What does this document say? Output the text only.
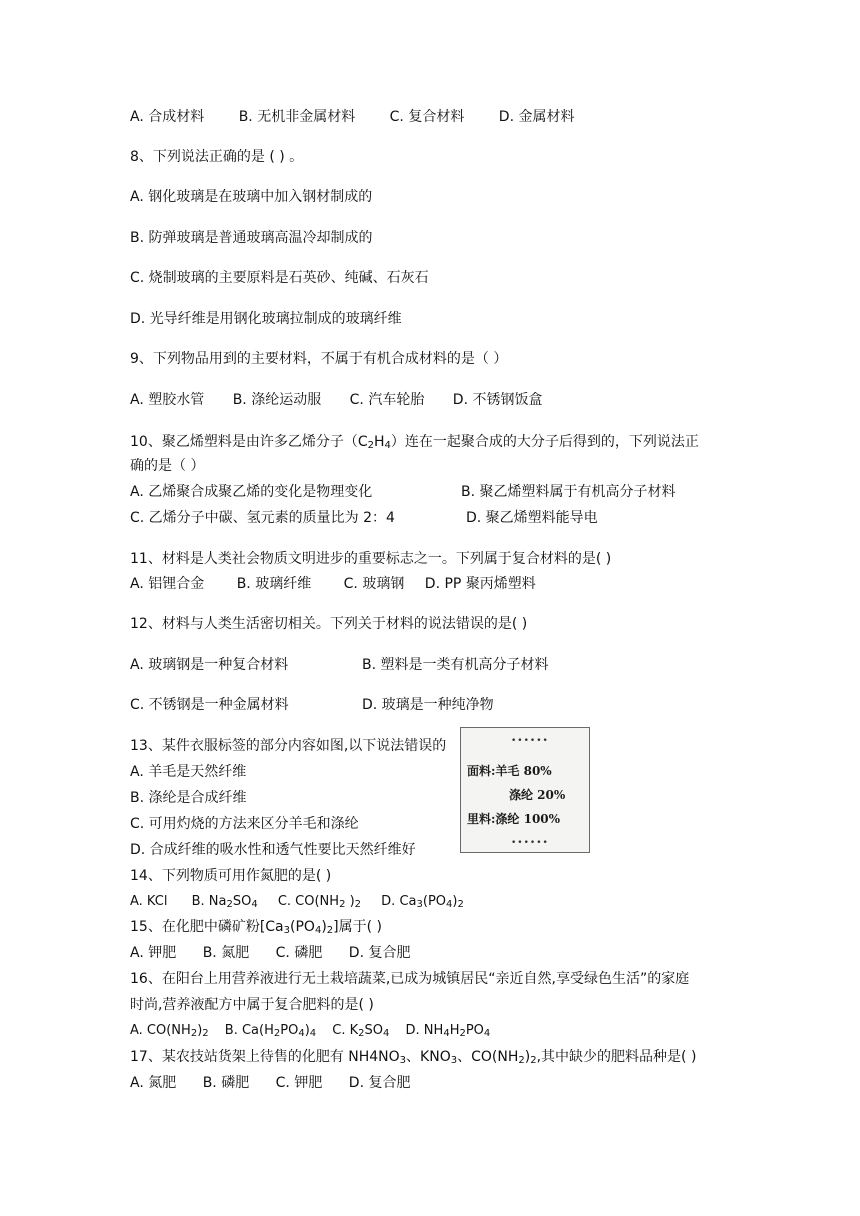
A. 合成材料 B. 无机非金属材料 C. 复合材料 D. 金属材料
8、下列说法正确的是 ( ) 。
A. 钢化玻璃是在玻璃中加入钢材制成的
B. 防弹玻璃是普通玻璃高温冷却制成的
C. 烧制玻璃的主要原料是石英砂、纯碱、石灰石
D. 光导纤维是用钢化玻璃拉制成的玻璃纤维
9、下列物品用到的主要材料，不属于有机合成材料的是（ ）
A. 塑胶水管 B. 涤纶运动服 C. 汽车轮胎 D. 不锈钢饭盒
10、聚乙烯塑料是由许多乙烯分子$(C_2H_4)$连在一起聚合成的大分子后得到的，下列说法正
确的是（ ）
A. 乙烯聚合成聚乙烯的变化是物理变化	B. 聚乙烯塑料属于有机高分子材料
C. 乙烯分子中碳、氢元素的质量比为 2：4	D. 聚乙烯塑料能导电
11、材料是人类社会物质文明进步的重要标志之一。下列属于复合材料的是( )
A. 铝锂合金 B. 玻璃纤维 C. 玻璃钢 D. PP 聚丙烯塑料
12、材料与人类生活密切相关。下列关于材料的说法错误的是( )
A. 玻璃钢是一种复合材料	B. 塑料是一类有机高分子材料
C. 不锈钢是一种金属材料	D. 玻璃是一种纯净物
13、某件衣服标签的部分内容如图,以下说法错误的
A. 羊毛是天然纤维
B. 涤纶是合成纤维
C. 可用灼烧的方法来区分羊毛和涤纶
D. 合成纤维的吸水性和透气性要比天然纤维好
••••••
面料:羊毛 80%
涤纶 20%
里料:涤纶 100%
••••••
14、下列物质可用作氮肥的是( )
A. KCl B. $Na_2SO_4$ C. $CO(NH_2$ )$_2$ D. $Ca_3(PO_4)_2$
15、在化肥中磷矿粉$[Ca_3(PO_4)_2]$属于( )
A. 钾肥 B. 氮肥 C. 磷肥 D. 复合肥
16、在阳台上用营养液进行无土栽培蔬菜,已成为城镇居民“亲近自然,享受绿色生活”的家庭
时尚,营养液配方中属于复合肥料的是( )
A. $CO(NH_2)_2$ B. $Ca(H_2PO_4)_4$ C. $K_2SO_4$ D. $NH_4H_2PO_4$
17、某农技站货架上待售的化肥有 $NH4NO_3$、$KNO_3$、$CO(NH_2)_2$,其中缺少的肥料品种是( )
A. 氮肥 B. 磷肥 C. 钾肥 D. 复合肥
